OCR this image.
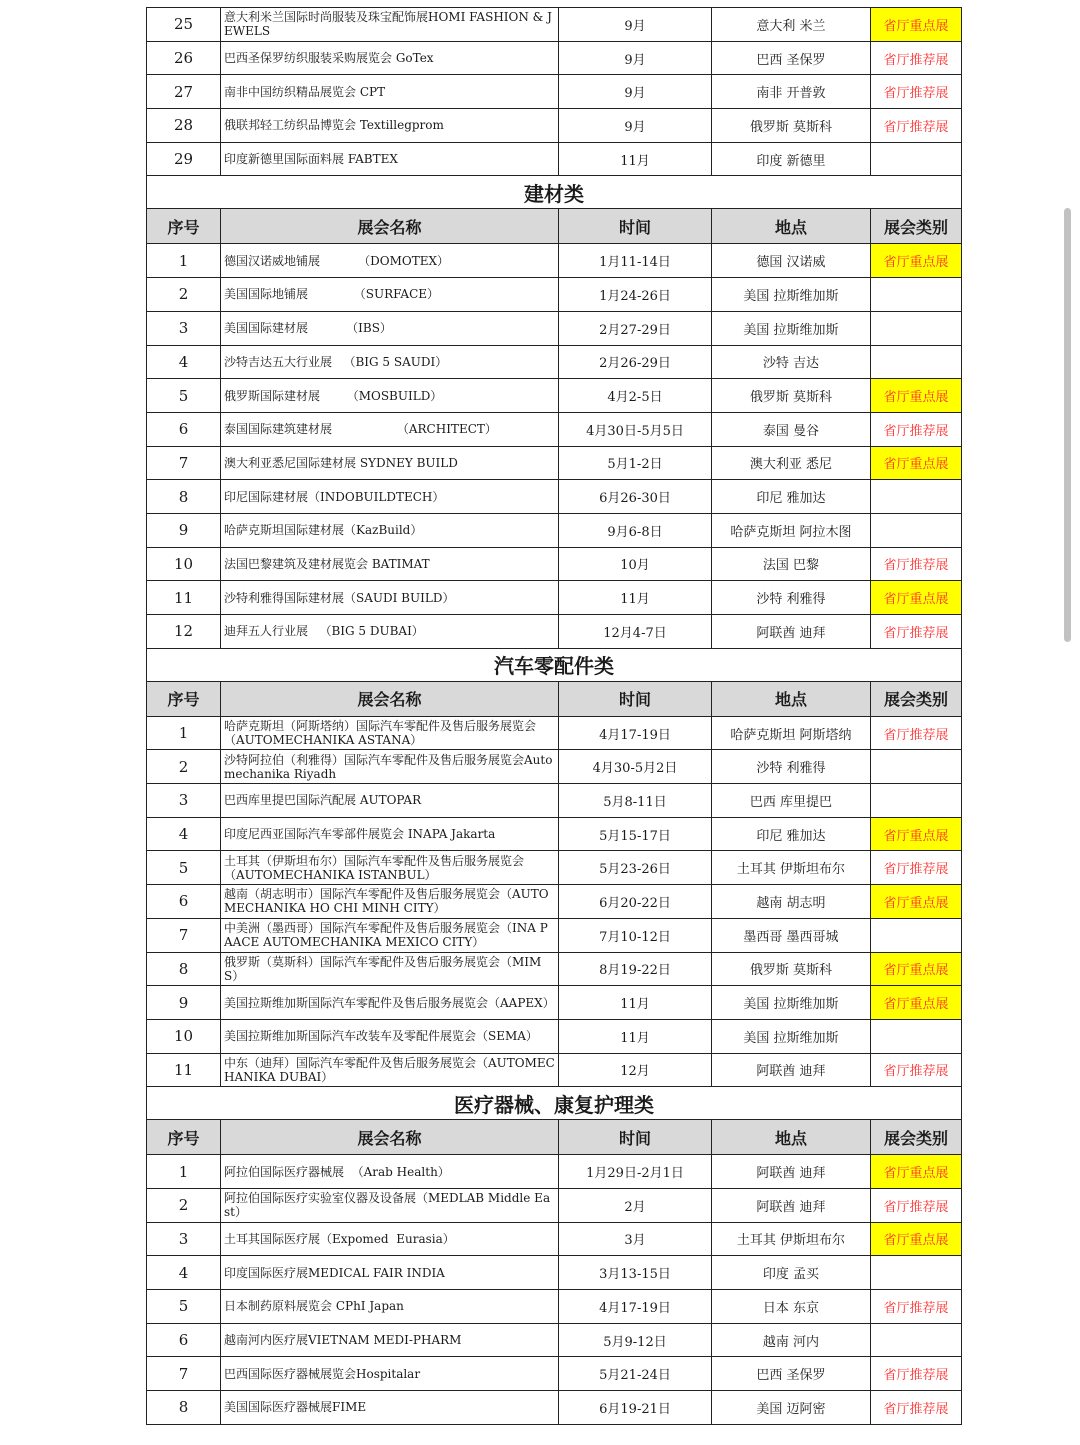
25	意大利米兰国际时尚服装及珠宝配饰展HOMI FASHION & JEWELS	9月	意大利 米兰	省厅重点展
26	巴西圣保罗纺织服装采购展览会 GoTex	9月	巴西 圣保罗	省厅推荐展
27	南非中国纺织精品展览会 CPT	9月	南非 开普敦	省厅推荐展
28	俄联邦轻工纺织品博览会 Textillegprom	9月	俄罗斯 莫斯科	省厅推荐展
29	印度新德里国际面料展 FABTEX	11月	印度 新德里	
建材类				
序号	展会名称	时间	地点	展会类别
1	德国汉诺威地铺展          （DOMOTEX）	1月11-14日	德国 汉诺威	省厅重点展
2	美国国际地铺展            （SURFACE）	1月24-26日	美国 拉斯维加斯	
3	美国国际建材展          （IBS）	2月27-29日	美国 拉斯维加斯	
4	沙特吉达五大行业展   （BIG 5 SAUDI）	2月26-29日	沙特 吉达	
5	俄罗斯国际建材展       （MOSBUILD）	4月2-5日	俄罗斯 莫斯科	省厅重点展
6	泰国国际建筑建材展                 （ARCHITECT）	4月30日-5月5日	泰国 曼谷	省厅推荐展
7	澳大利亚悉尼国际建材展 SYDNEY BUILD	5月1-2日	澳大利亚 悉尼	省厅重点展
8	印尼国际建材展（INDOBUILDTECH）	6月26-30日	印尼 雅加达	
9	哈萨克斯坦国际建材展（KazBuild）	9月6-8日	哈萨克斯坦 阿拉木图	
10	法国巴黎建筑及建材展览会 BATIMAT	10月	法国 巴黎	省厅推荐展
11	沙特利雅得国际建材展（SAUDI BUILD）	11月	沙特 利雅得	省厅重点展
12	迪拜五人行业展   （BIG 5 DUBAI）	12月4-7日	阿联酋 迪拜	省厅推荐展
汽车零配件类				
序号	展会名称	时间	地点	展会类别
1	哈萨克斯坦（阿斯塔纳）国际汽车零配件及售后服务展览会    （AUTOMECHANIKA ASTANA）	4月17-19日	哈萨克斯坦 阿斯塔纳	省厅推荐展
2	沙特阿拉伯（利雅得）国际汽车零配件及售后服务展览会Automechanika Riyadh	4月30-5月2日	沙特 利雅得	
3	巴西库里提巴国际汽配展 AUTOPAR	5月8-11日	巴西 库里提巴	
4	印度尼西亚国际汽车零部件展览会 INAPA Jakarta	5月15-17日	印尼 雅加达	省厅重点展
5	土耳其（伊斯坦布尔）国际汽车零配件及售后服务展览会      （AUTOMECHANIKA ISTANBUL）	5月23-26日	土耳其 伊斯坦布尔	省厅推荐展
6	越南（胡志明市）国际汽车零配件及售后服务展览会（AUTOMECHANIKA HO CHI MINH CITY）	6月20-22日	越南 胡志明	省厅重点展
7	中美洲（墨西哥）国际汽车零配件及售后服务展览会（INA PAACE AUTOMECHANIKA MEXICO CITY）	7月10-12日	墨西哥 墨西哥城	
8	俄罗斯（莫斯科）国际汽车零配件及售后服务展览会（MIMS）	8月19-22日	俄罗斯 莫斯科	省厅重点展
9	美国拉斯维加斯国际汽车零配件及售后服务展览会（AAPEX）	11月	美国 拉斯维加斯	省厅重点展
10	美国拉斯维加斯国际汽车改装车及零配件展览会（SEMA）	11月	美国 拉斯维加斯	
11	中东（迪拜）国际汽车零配件及售后服务展览会（AUTOMECHANIKA DUBAI）	12月	阿联酋 迪拜	省厅推荐展
医疗器械、康复护理类				
序号	展会名称	时间	地点	展会类别
1	阿拉伯国际医疗器械展  （Arab Health）	1月29日-2月1日	阿联酋 迪拜	省厅重点展
2	阿拉伯国际医疗实验室仪器及设备展（MEDLAB Middle East）	2月	阿联酋 迪拜	省厅推荐展
3	土耳其国际医疗展（Expomed  Eurasia）	3月	土耳其 伊斯坦布尔	省厅重点展
4	印度国际医疗展MEDICAL FAIR INDIA	3月13-15日	印度 孟买	
5	日本制药原料展览会 CPhI Japan	4月17-19日	日本 东京	省厅推荐展
6	越南河内医疗展VIETNAM MEDI-PHARM	5月9-12日	越南 河内	
7	巴西国际医疗器械展览会Hospitalar	5月21-24日	巴西 圣保罗	省厅推荐展
8	美国国际医疗器械展FIME	6月19-21日	美国 迈阿密	省厅推荐展
